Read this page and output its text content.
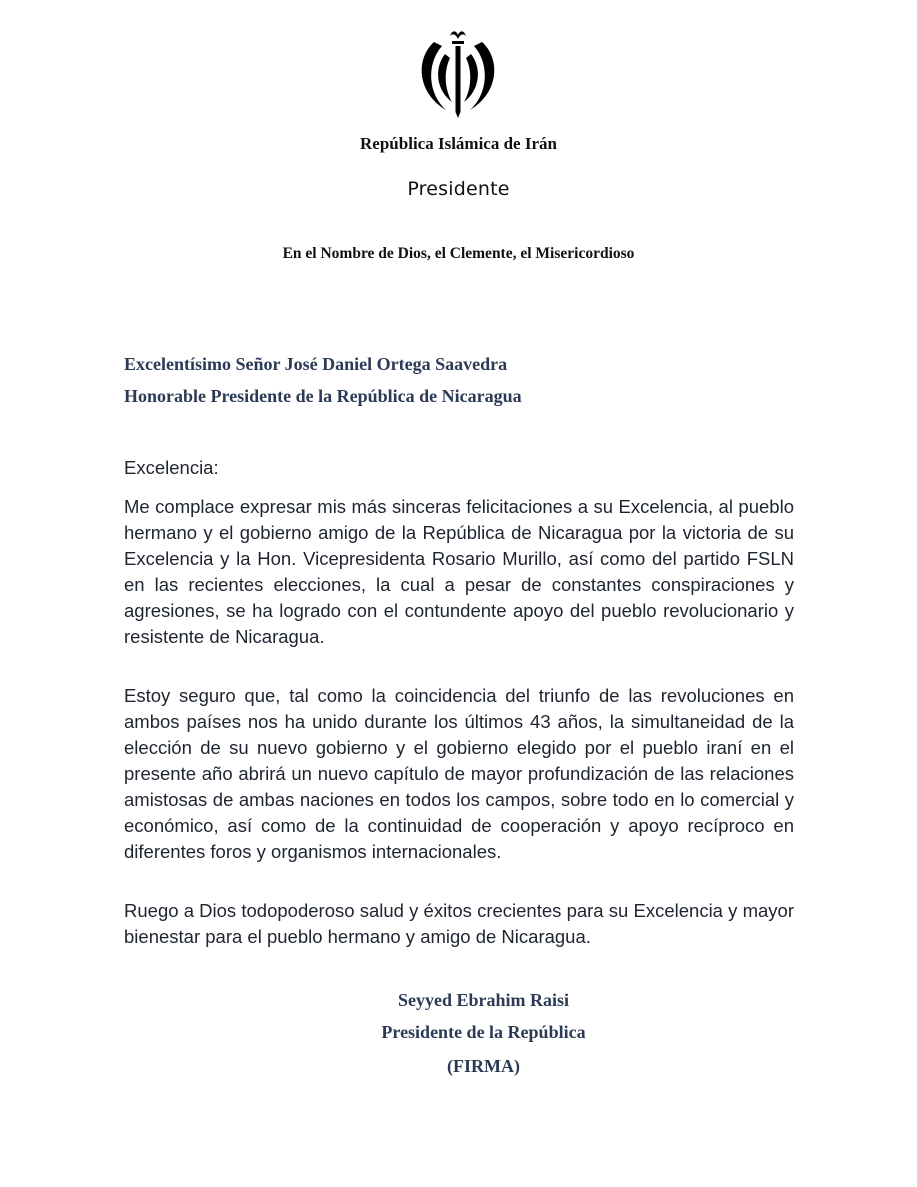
República Islámica de Irán
Presidente
En el Nombre de Dios, el Clemente, el Misericordioso
Excelentísimo Señor José Daniel Ortega Saavedra
Honorable Presidente de la República de Nicaragua
Excelencia:
Me complace expresar mis más sinceras felicitaciones a su Excelencia, al pueblo hermano y el gobierno amigo de la República de Nicaragua por la victoria de su Excelencia y la Hon. Vicepresidenta Rosario Murillo, así como del partido FSLN en las recientes elecciones, la cual a pesar de constantes conspiraciones y agresiones, se ha logrado con el contundente apoyo del pueblo revolucionario y resistente de Nicaragua.
Estoy seguro que, tal como la coincidencia del triunfo de las revoluciones en ambos países nos ha unido durante los últimos 43 años, la simultaneidad de la elección de su nuevo gobierno y el gobierno elegido por el pueblo iraní en el presente año abrirá un nuevo capítulo de mayor profundización de las relaciones amistosas de ambas naciones en todos los campos, sobre todo en lo comercial y económico, así como de la continuidad de cooperación y apoyo recíproco en diferentes foros y organismos internacionales.
Ruego a Dios todopoderoso salud y éxitos crecientes para su Excelencia y mayor bienestar para el pueblo hermano y amigo de Nicaragua.
Seyyed Ebrahim Raisi
Presidente de la República
(FIRMA)
